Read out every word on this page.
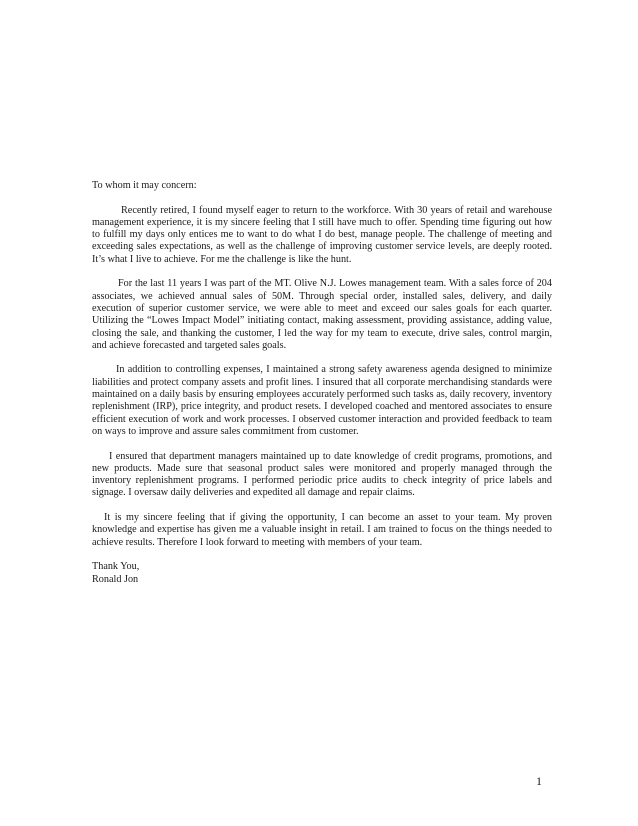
To whom it may concern:

Recently retired, I found myself eager to return to the workforce. With 30 years of retail and warehouse management experience, it is my sincere feeling that I still have much to offer. Spending time figuring out how to fulfill my days only entices me to want to do what I do best, manage people. The challenge of meeting and exceeding sales expectations, as well as the challenge of improving customer service levels, are deeply rooted. It’s what I live to achieve. For me the challenge is like the hunt.

For the last 11 years I was part of the MT. Olive N.J. Lowes management team. With a sales force of 204 associates, we achieved annual sales of 50M. Through special order, installed sales, delivery, and daily execution of superior customer service, we were able to meet and exceed our sales goals for each quarter. Utilizing the “Lowes Impact Model” initiating contact, making assessment, providing assistance, adding value, closing the sale, and thanking the customer, I led the way for my team to execute, drive sales, control margin, and achieve forecasted and targeted sales goals.

In addition to controlling expenses, I maintained a strong safety awareness agenda designed to minimize liabilities and protect company assets and profit lines. I insured that all corporate merchandising standards were maintained on a daily basis by ensuring employees accurately performed such tasks as, daily recovery, inventory replenishment (IRP), price integrity, and product resets. I developed coached and mentored associates to ensure efficient execution of work and work processes. I observed customer interaction and provided feedback to team on ways to improve and assure sales commitment from customer.

I ensured that department managers maintained up to date knowledge of credit programs, promotions, and new products. Made sure that seasonal product sales were monitored and properly managed through the inventory replenishment programs. I performed periodic price audits to check integrity of price labels and signage. I oversaw daily deliveries and expedited all damage and repair claims.

It is my sincere feeling that if giving the opportunity, I can become an asset to your team. My proven knowledge and expertise has given me a valuable insight in retail. I am trained to focus on the things needed to achieve results. Therefore I look forward to meeting with members of your team.

Thank You,

Ronald Jon

1
